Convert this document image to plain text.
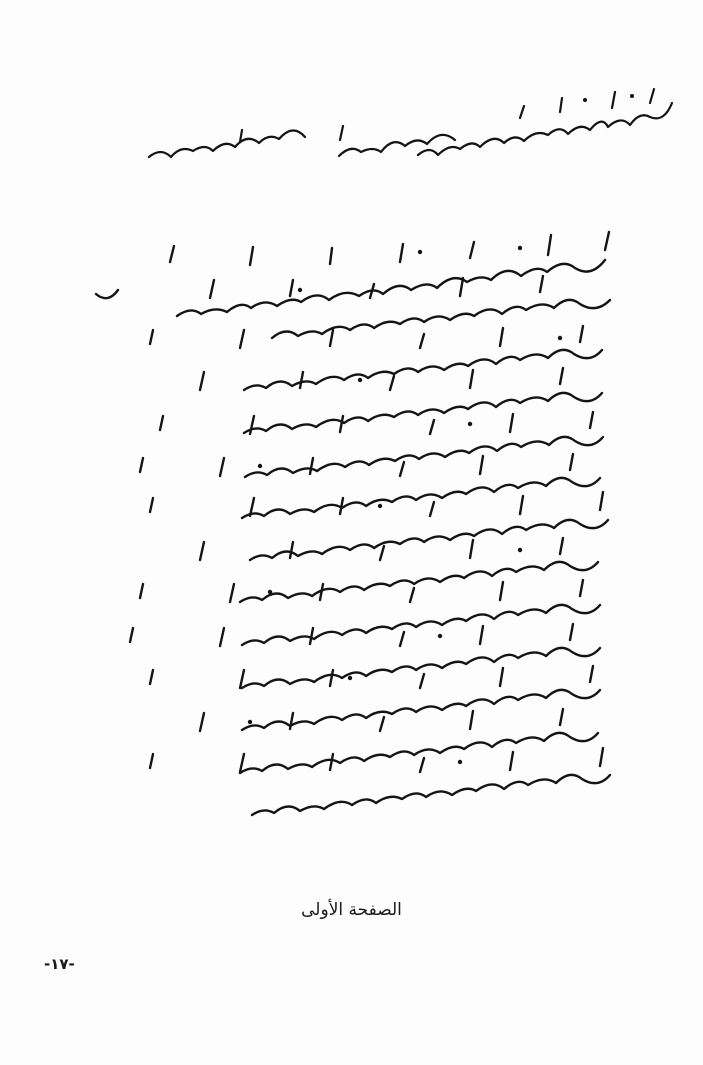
الصفحة الأولى
-١٧-
